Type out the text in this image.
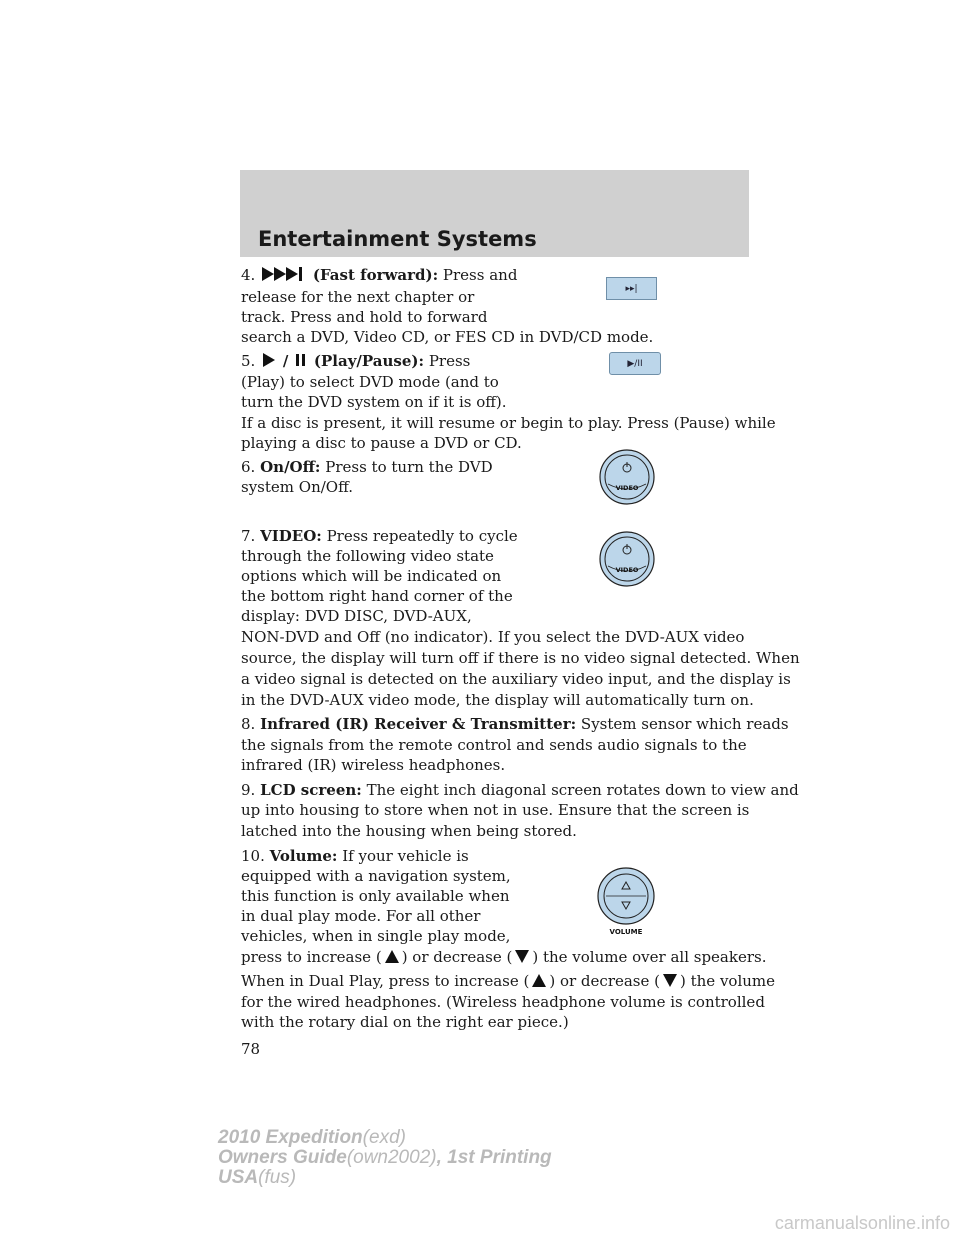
Entertainment Systems
4.	(Fast forward): Press and
release for the next chapter or
track. Press and hold to forward
search a DVD, Video CD, or FES CD in DVD/CD mode.
▸▸|
5. / (Play/Pause): Press
(Play) to select DVD mode (and to
turn the DVD system on if it is off).
If a disc is present, it will resume or begin to play. Press (Pause) while
playing a disc to pause a DVD or CD.
▶/II
6. On/Off: Press to turn the DVD
system On/Off.	VIDEO
7. VIDEO: Press repeatedly to cycle
through the following video state
options which will be indicated on
the bottom right hand corner of the
display: DVD DISC, DVD-AUX,
NON-DVD and Off (no indicator). If you select the DVD-AUX video
source, the display will turn off if there is no video signal detected. When
a video signal is detected on the auxiliary video input, and the display is
in the DVD-AUX video mode, the display will automatically turn on.
VIDEO
8. Infrared (IR) Receiver & Transmitter: System sensor which reads
the signals from the remote control and sends audio signals to the
infrared (IR) wireless headphones.
9. LCD screen: The eight inch diagonal screen rotates down to view and
up into housing to store when not in use. Ensure that the screen is
latched into the housing when being stored.
10. Volume: If your vehicle is
equipped with a navigation system,
this function is only available when
in dual play mode. For all other
vehicles, when in single play mode,
press to increase ( ) or decrease ( ) the volume over all speakers.
When in Dual Play, press to increase ( ) or decrease ( ) the volume
for the wired headphones. (Wireless headphone volume is controlled
with the rotary dial on the right ear piece.)
VOLUME
78
2010 Expedition(exd)
Owners Guide(own2002), 1st Printing
USA(fus)
carmanualsonline.info
